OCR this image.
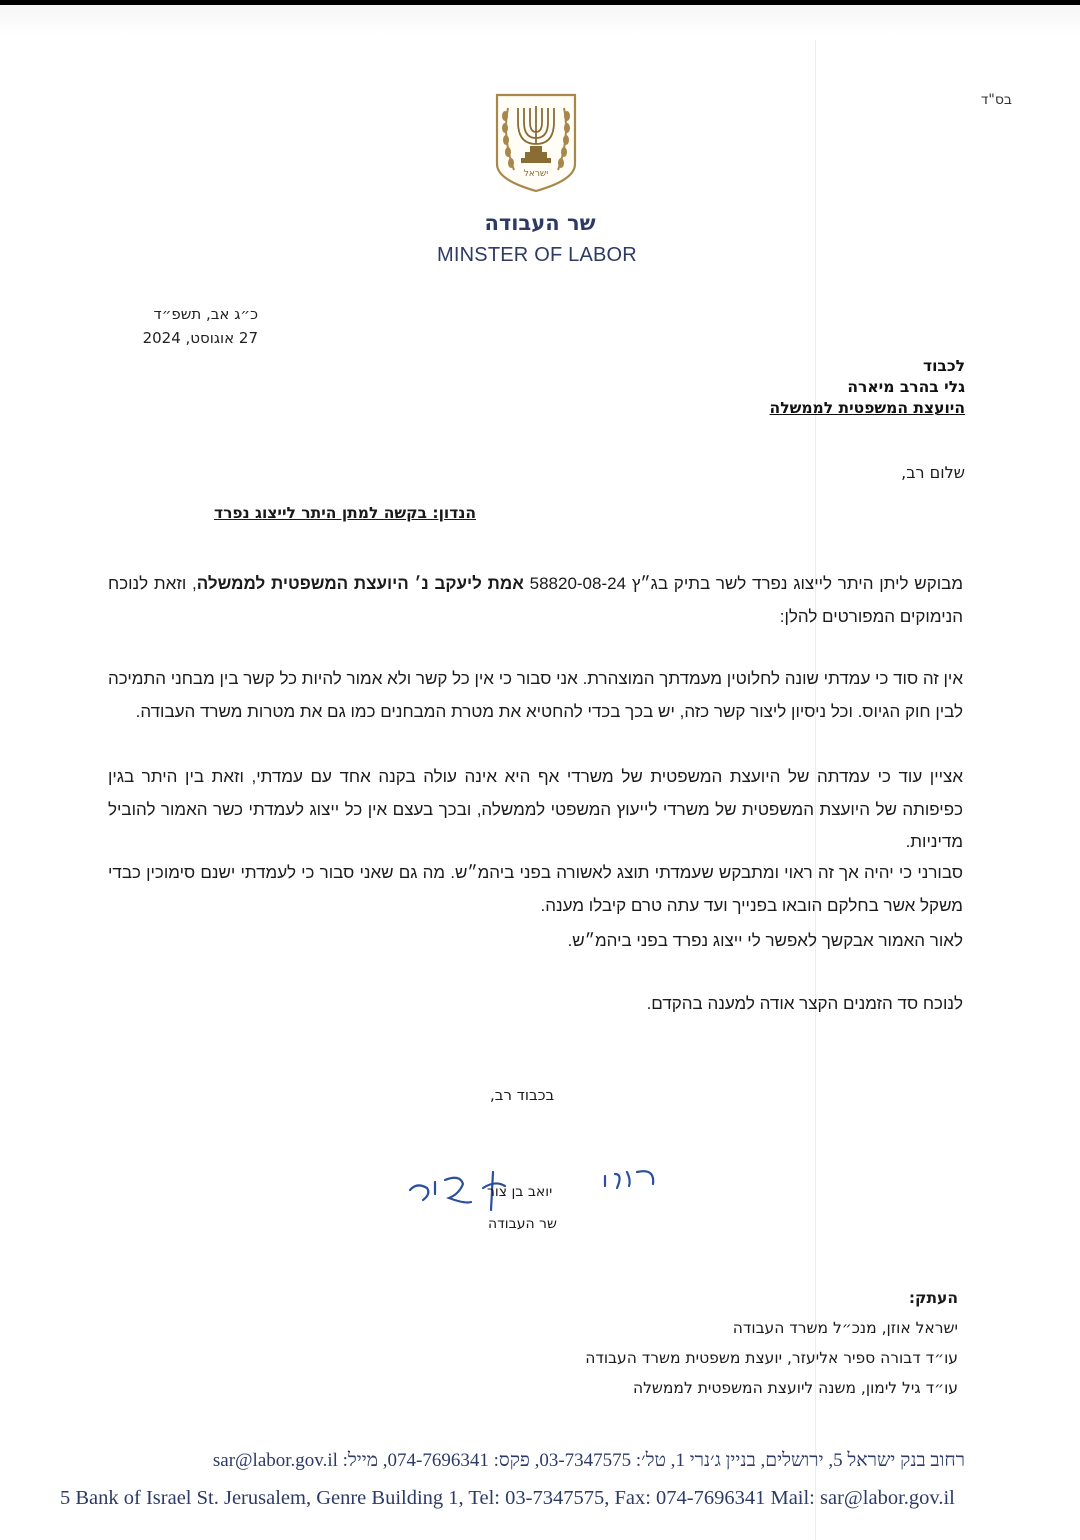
בס"ד
ישראל
שר העבודה
MINSTER OF LABOR
כ״ג אב, תשפ״ד
27 אוגוסט, 2024
לכבוד
גלי בהרב מיארה
היועצת המשפטית לממשלה
שלום רב,
הנדון: בקשה למתן היתר לייצוג נפרד
מבוקש ליתן היתר לייצוג נפרד לשר בתיק בג״ץ 58820-08-24 אמת ליעקב נ׳ היועצת המשפטית לממשלה, וזאת לנוכח הנימוקים המפורטים להלן:
אין זה סוד כי עמדתי שונה לחלוטין מעמדתך המוצהרת. אני סבור כי אין כל קשר ולא אמור להיות כל קשר בין מבחני התמיכה לבין חוק הגיוס. וכל ניסיון ליצור קשר כזה, יש בכך בכדי להחטיא את מטרת המבחנים כמו גם את מטרות משרד העבודה.
אציין עוד כי עמדתה של היועצת המשפטית של משרדי אף היא אינה עולה בקנה אחד עם עמדתי, וזאת בין היתר בגין כפיפותה של היועצת המשפטית של משרדי לייעוץ המשפטי לממשלה, ובכך בעצם אין כל ייצוג לעמדתי כשר האמור להוביל מדיניות.
סבורני כי יהיה אך זה ראוי ומתבקש שעמדתי תוצג לאשורה בפני ביהמ״ש. מה גם שאני סבור כי לעמדתי ישנם סימוכין כבדי משקל אשר בחלקם הובאו בפנייך ועד עתה טרם קיבלו מענה.
לאור האמור אבקשך לאפשר לי ייצוג נפרד בפני ביהמ״ש.
לנוכח סד הזמנים הקצר אודה למענה בהקדם.
בכבוד רב,
יואב בן צור
שר העבודה
העתק:
ישראל אוזן, מנכ״ל משרד העבודה
עו״ד דבורה ספיר אליעזר, יועצת משפטית משרד העבודה
עו״ד גיל לימון, משנה ליועצת המשפטית לממשלה
רחוב בנק ישראל 5, ירושלים, בניין ג׳נרי 1, טל׳: 03-7347575, פקס: 074-7696341, מייל: sar@labor.gov.il
5 Bank of Israel St. Jerusalem, Genre Building 1, Tel: 03-7347575, Fax: 074-7696341 Mail: sar@labor.gov.il
